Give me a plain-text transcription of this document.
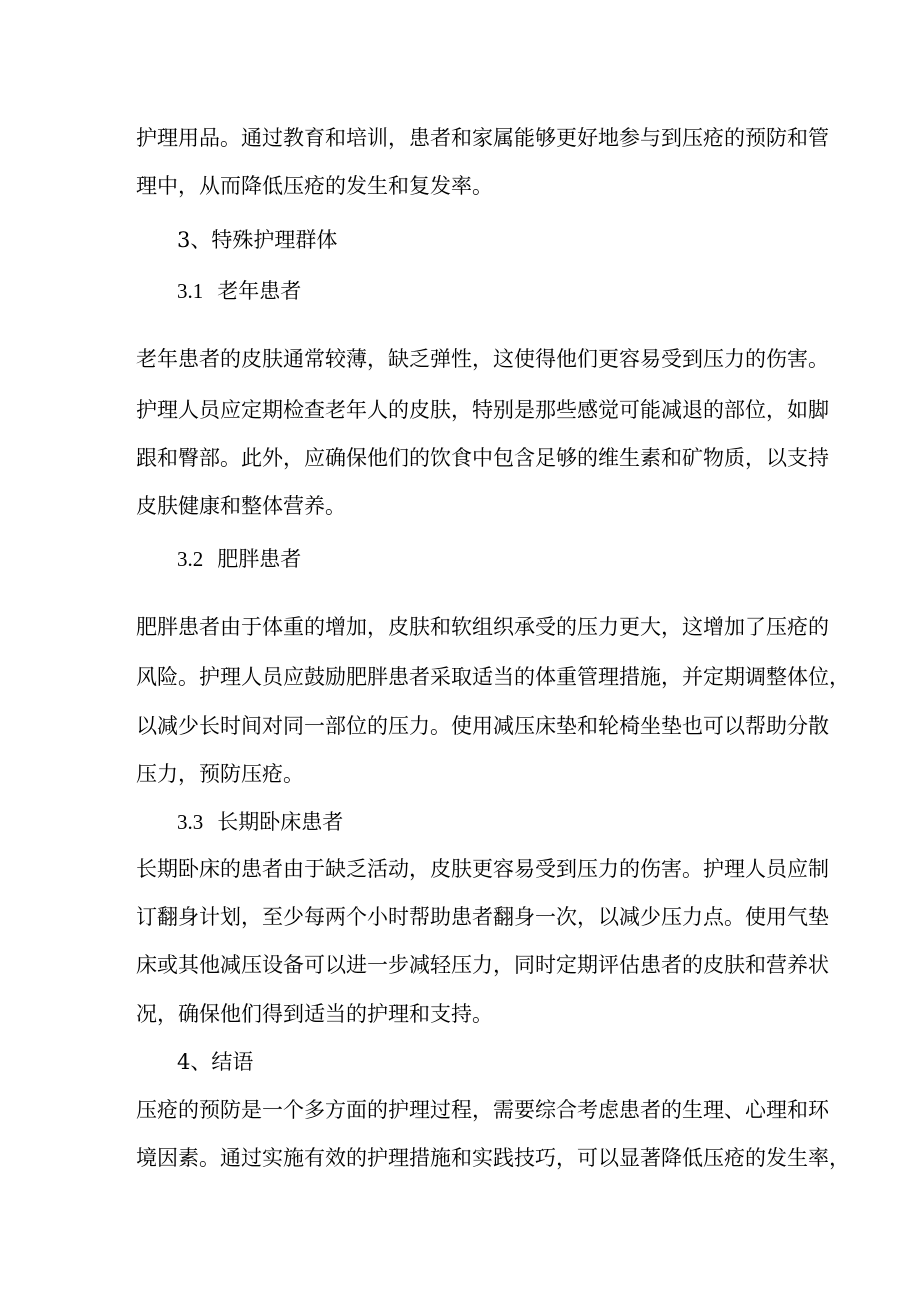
护理用品。通过教育和培训，患者和家属能够更好地参与到压疮的预防和管
理中，从而降低压疮的发生和复发率。
3、特殊护理群体
3.1 老年患者
老年患者的皮肤通常较薄，缺乏弹性，这使得他们更容易受到压力的伤害。
护理人员应定期检查老年人的皮肤，特别是那些感觉可能减退的部位，如脚
跟和臀部。此外，应确保他们的饮食中包含足够的维生素和矿物质，以支持
皮肤健康和整体营养。
3.2 肥胖患者
肥胖患者由于体重的增加，皮肤和软组织承受的压力更大，这增加了压疮的
风险。护理人员应鼓励肥胖患者采取适当的体重管理措施，并定期调整体位，
以减少长时间对同一部位的压力。使用减压床垫和轮椅坐垫也可以帮助分散
压力，预防压疮。
3.3 长期卧床患者
长期卧床的患者由于缺乏活动，皮肤更容易受到压力的伤害。护理人员应制
订翻身计划，至少每两个小时帮助患者翻身一次，以减少压力点。使用气垫
床或其他减压设备可以进一步减轻压力，同时定期评估患者的皮肤和营养状
况，确保他们得到适当的护理和支持。
4、结语
压疮的预防是一个多方面的护理过程，需要综合考虑患者的生理、心理和环
境因素。通过实施有效的护理措施和实践技巧，可以显著降低压疮的发生率，
